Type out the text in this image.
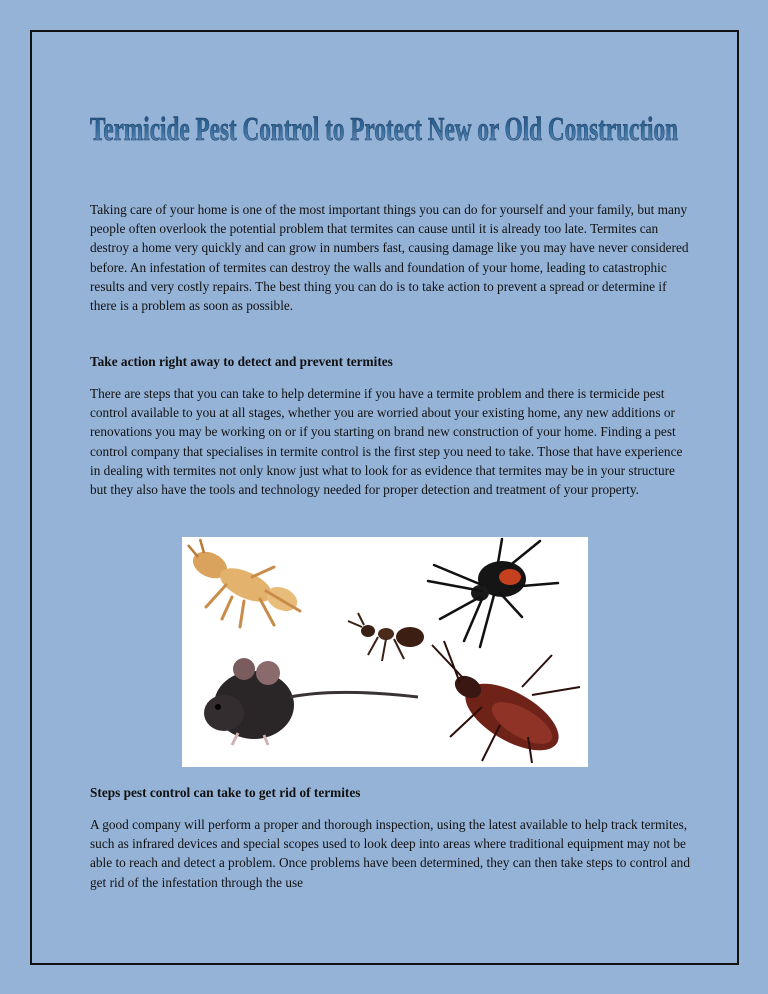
Termicide Pest Control to Protect New or Old Construction

Taking care of your home is one of the most important things you can do for yourself and your family, but many people often overlook the potential problem that termites can cause until it is already too late. Termites can destroy a home very quickly and can grow in numbers fast, causing damage like you may have never considered before. An infestation of termites can destroy the walls and foundation of your home, leading to catastrophic results and very costly repairs. The best thing you can do is to take action to prevent a spread or determine if there is a problem as soon as possible.

Take action right away to detect and prevent termites

There are steps that you can take to help determine if you have a termite problem and there is termicide pest control available to you at all stages, whether you are worried about your existing home, any new additions or renovations you may be working on or if you starting on brand new construction of your home. Finding a pest control company that specialises in termite control is the first step you need to take. Those that have experience in dealing with termites not only know just what to look for as evidence that termites may be in your structure but they also have the tools and technology needed for proper detection and treatment of your property.

Steps pest control can take to get rid of termites

A good company will perform a proper and thorough inspection, using the latest available to help track termites, such as infrared devices and special scopes used to look deep into areas where traditional equipment may not be able to reach and detect a problem. Once problems have been determined, they can then take steps to control and get rid of the infestation through the use
